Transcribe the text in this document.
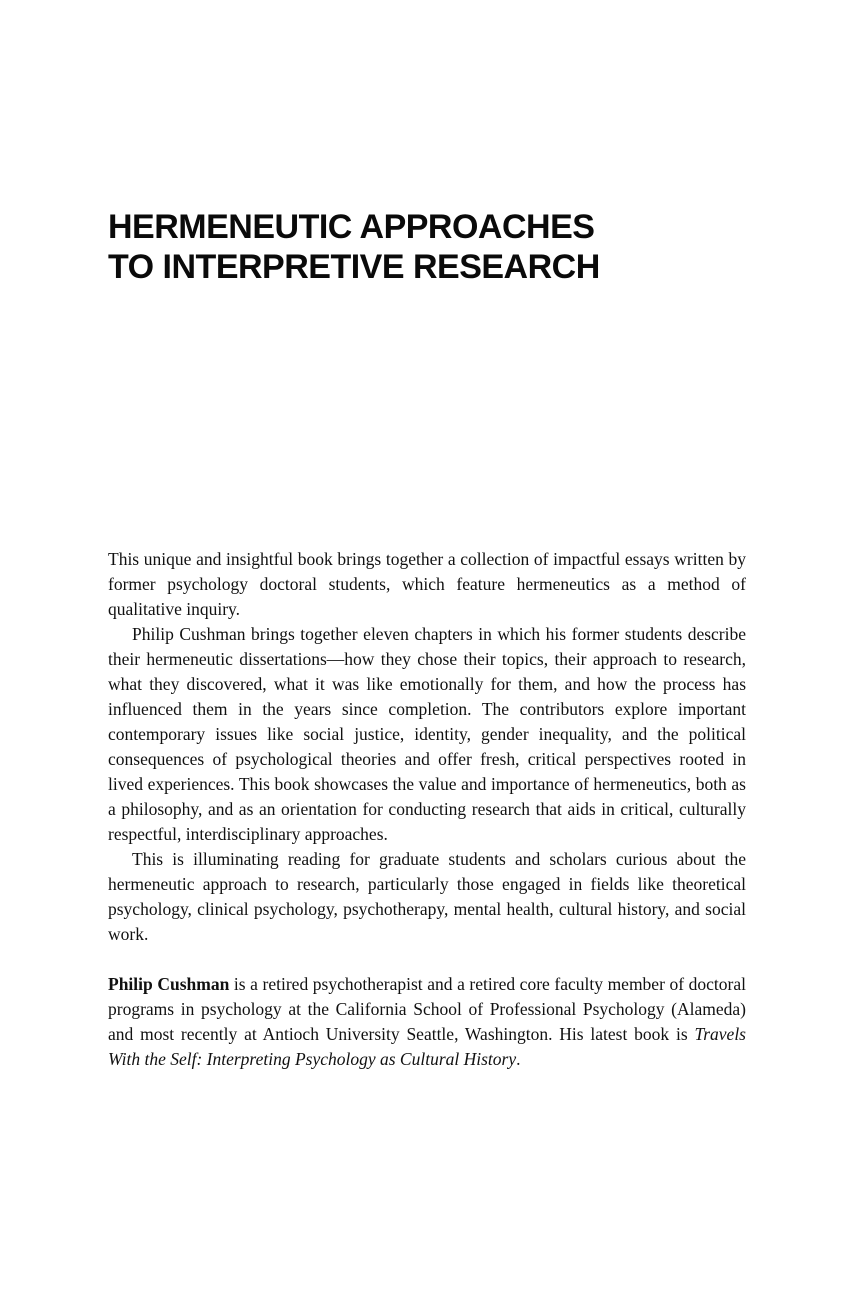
HERMENEUTIC APPROACHES
TO INTERPRETIVE RESEARCH

This unique and insightful book brings together a collection of impactful essays written by former psychology doctoral students, which feature hermeneutics as a method of qualitative inquiry.

Philip Cushman brings together eleven chapters in which his former students describe their hermeneutic dissertations—how they chose their topics, their approach to research, what they discovered, what it was like emotionally for them, and how the process has influenced them in the years since completion. The contributors explore important contemporary issues like social justice, identity, gender inequality, and the political consequences of psychological theories and offer fresh, critical perspectives rooted in lived experiences. This book showcases the value and importance of hermeneutics, both as a philosophy, and as an orientation for conducting research that aids in critical, culturally respectful, interdisciplinary approaches.

This is illuminating reading for graduate students and scholars curious about the hermeneutic approach to research, particularly those engaged in fields like theoretical psychology, clinical psychology, psychotherapy, mental health, cultural history, and social work.

Philip Cushman is a retired psychotherapist and a retired core faculty member of doctoral programs in psychology at the California School of Professional Psychology (Alameda) and most recently at Antioch University Seattle, Washington. His latest book is Travels With the Self: Interpreting Psychology as Cultural History.
